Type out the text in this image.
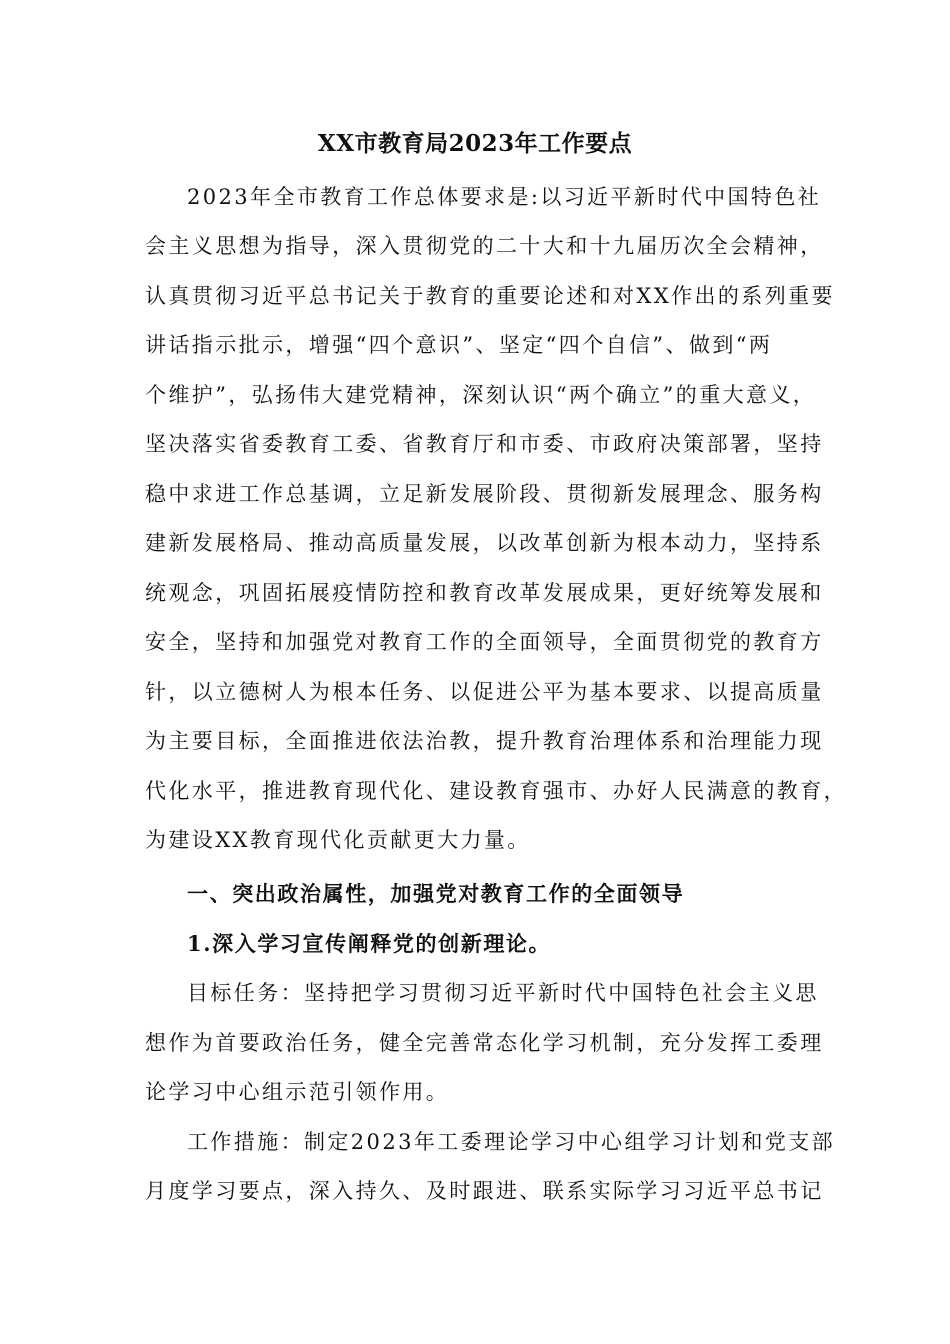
XX市教育局2023年工作要点
2023年全市教育工作总体要求是:以习近平新时代中国特色社
会主义思想为指导，深入贯彻党的二十大和十九届历次全会精神，
认真贯彻习近平总书记关于教育的重要论述和对XX作出的系列重要
讲话指示批示，增强“四个意识”、坚定“四个自信”、做到“两
个维护”，弘扬伟大建党精神，深刻认识“两个确立”的重大意义，
坚决落实省委教育工委、省教育厅和市委、市政府决策部署，坚持
稳中求进工作总基调，立足新发展阶段、贯彻新发展理念、服务构
建新发展格局、推动高质量发展，以改革创新为根本动力，坚持系
统观念，巩固拓展疫情防控和教育改革发展成果，更好统筹发展和
安全，坚持和加强党对教育工作的全面领导，全面贯彻党的教育方
针，以立德树人为根本任务、以促进公平为基本要求、以提高质量
为主要目标，全面推进依法治教，提升教育治理体系和治理能力现
代化水平，推进教育现代化、建设教育强市、办好人民满意的教育，
为建设XX教育现代化贡献更大力量。
一、突出政治属性，加强党对教育工作的全面领导
1.深入学习宣传阐释党的创新理论。
目标任务：坚持把学习贯彻习近平新时代中国特色社会主义思
想作为首要政治任务，健全完善常态化学习机制，充分发挥工委理
论学习中心组示范引领作用。
工作措施：制定2023年工委理论学习中心组学习计划和党支部
月度学习要点，深入持久、及时跟进、联系实际学习习近平总书记
